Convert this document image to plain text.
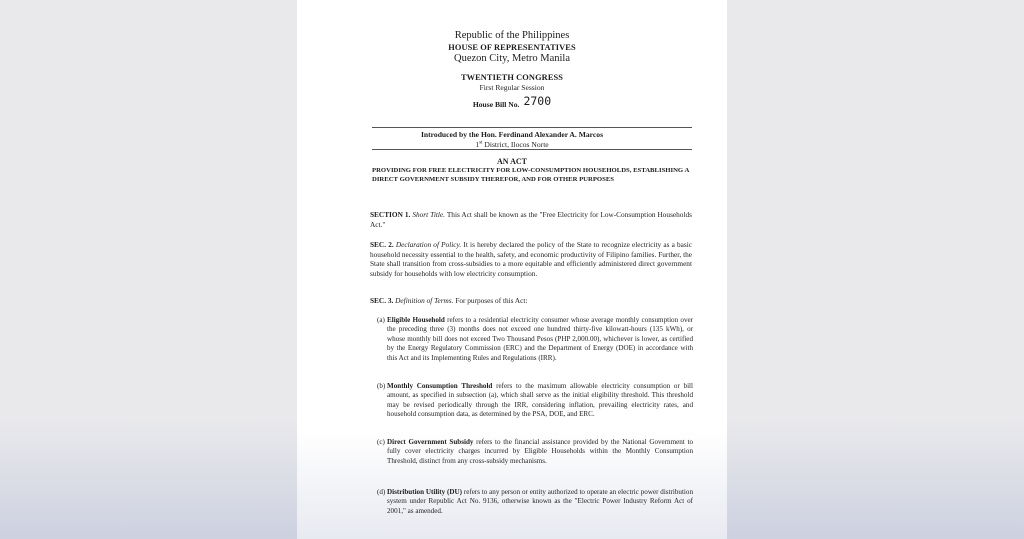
Republic of the Philippines
HOUSE OF REPRESENTATIVES
Quezon City, Metro Manila
TWENTIETH CONGRESS
First Regular Session
House Bill No. 2700
Introduced by the Hon. Ferdinand Alexander A. Marcos
1st District, Ilocos Norte
AN ACT
PROVIDING FOR FREE ELECTRICITY FOR LOW-CONSUMPTION HOUSEHOLDS, ESTABLISHING A DIRECT GOVERNMENT SUBSIDY THEREFOR, AND FOR OTHER PURPOSES
SECTION 1. Short Title. This Act shall be known as the "Free Electricity for Low-Consumption Households Act."
SEC. 2. Declaration of Policy. It is hereby declared the policy of the State to recognize electricity as a basic household necessity essential to the health, safety, and economic productivity of Filipino families. Further, the State shall transition from cross-subsidies to a more equitable and efficiently administered direct government subsidy for households with low electricity consumption.
SEC. 3. Definition of Terms. For purposes of this Act:
(a) Eligible Household refers to a residential electricity consumer whose average monthly consumption over the preceding three (3) months does not exceed one hundred thirty-five kilowatt-hours (135 kWh), or whose monthly bill does not exceed Two Thousand Pesos (PHP 2,000.00), whichever is lower, as certified by the Energy Regulatory Commission (ERC) and the Department of Energy (DOE) in accordance with this Act and its Implementing Rules and Regulations (IRR).
(b) Monthly Consumption Threshold refers to the maximum allowable electricity consumption or bill amount, as specified in subsection (a), which shall serve as the initial eligibility threshold. This threshold may be revised periodically through the IRR, considering inflation, prevailing electricity rates, and household consumption data, as determined by the PSA, DOE, and ERC.
(c) Direct Government Subsidy refers to the financial assistance provided by the National Government to fully cover electricity charges incurred by Eligible Households within the Monthly Consumption Threshold, distinct from any cross-subsidy mechanisms.
(d) Distribution Utility (DU) refers to any person or entity authorized to operate an electric power distribution system under Republic Act No. 9136, otherwise known as the "Electric Power Industry Reform Act of 2001," as amended.
